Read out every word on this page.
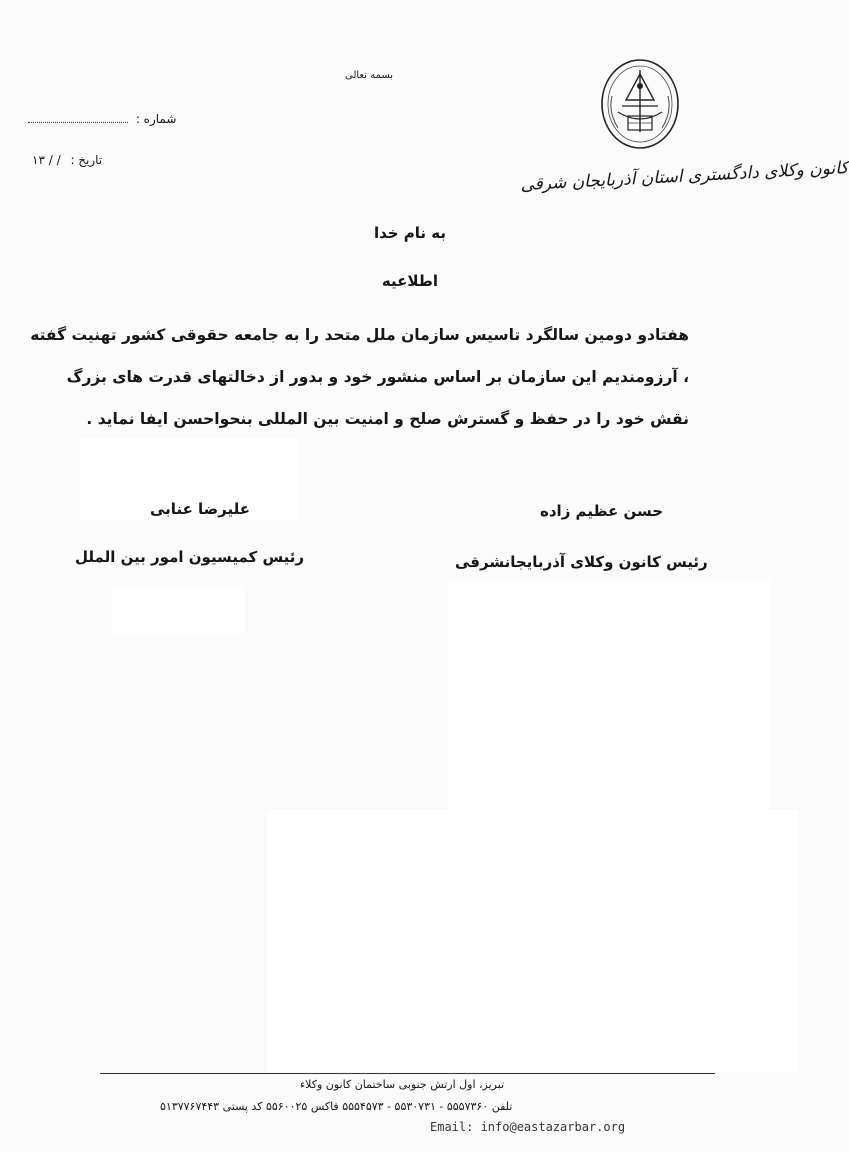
کانون وکلای دادگستری استان آذربایجان شرقی
بسمه تعالی
شماره :
تاریخ : / / ۱۳
به نام خدا
اطلاعیه
هفتادو دومین سالگرد تاسیس سازمان ملل متحد را به جامعه حقوقی کشور تهنیت گفته
، آرزومندیم این سازمان بر اساس منشور خود و بدور از دخالتهای قدرت های بزرگ
نقش خود را در حفظ و گسترش صلح و امنیت بین المللی بنحواحسن ایفا نماید .
علیرضا عنابی
رئیس کمیسیون امور بین الملل
حسن عظیم زاده
رئیس کانون وکلای آذربایجانشرقی
تبریز، اول ارتش جنوبی ساختمان کانون وکلاء
تلفن ۵۵۵۷۳۶۰ - ۵۵۳۰۷۳۱ - ۵۵۵۴۵۷۳ فاکس ۵۵۶۰۰۲۵ کد پستی ۵۱۳۷۷۶۷۴۴۳
Email: info@eastazarbar.org
